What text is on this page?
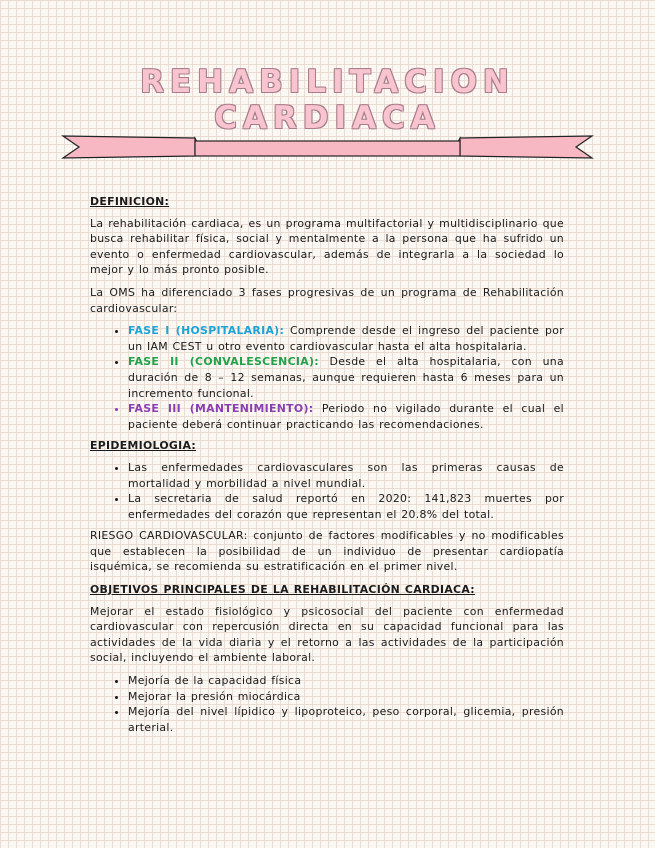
REHABILITACION
CARDIACA
DEFINICION:

La rehabilitación cardiaca, es un programa multifactorial y multidisciplinario que busca rehabilitar física, social y mentalmente a la persona que ha sufrido un evento o enfermedad cardiovascular, además de integrarla a la sociedad lo mejor y lo más pronto posible.

La OMS ha diferenciado 3 fases progresivas de un programa de Rehabilitación cardiovascular:

• FASE I (HOSPITALARIA): Comprende desde el ingreso del paciente por un IAM CEST u otro evento cardiovascular hasta el alta hospitalaria.
• FASE II (CONVALESCENCIA): Desde el alta hospitalaria, con una duración de 8 – 12 semanas, aunque requieren hasta 6 meses para un incremento funcional.
• FASE III (MANTENIMIENTO): Periodo no vigilado durante el cual el paciente deberá continuar practicando las recomendaciones.
EPIDEMIOLOGIA:
• Las enfermedades cardiovasculares son las primeras causas de mortalidad y morbilidad a nivel mundial.
• La secretaria de salud reportó en 2020: 141,823 muertes por enfermedades del corazón que representan el 20.8% del total.

RIESGO CARDIOVASCULAR: conjunto de factores modificables y no modificables que establecen la posibilidad de un individuo de presentar cardiopatía isquémica, se recomienda su estratificación en el primer nivel.

OBJETIVOS PRINCIPALES DE LA REHABILITACIÓN CARDIACA:

Mejorar el estado fisiológico y psicosocial del paciente con enfermedad cardiovascular con repercusión directa en su capacidad funcional para las actividades de la vida diaria y el retorno a las actividades de la participación social, incluyendo el ambiente laboral.

• Mejoría de la capacidad física
• Mejorar la presión miocárdica
• Mejoría del nivel lípidico y lipoproteico, peso corporal, glicemia, presión arterial.
